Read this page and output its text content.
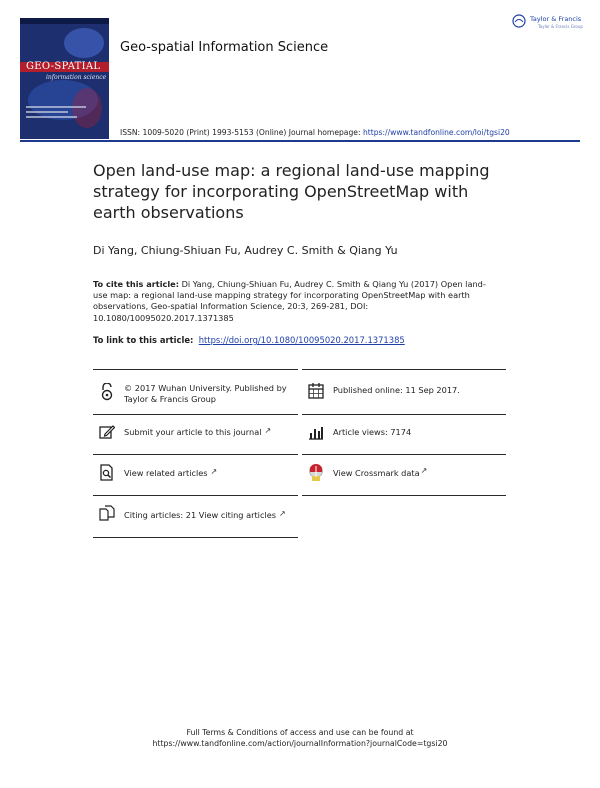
GEO-SPATIAL
information science
Geo-spatial Information Science
Taylor & Francis
Taylor & Francis Group
ISSN: 1009-5020 (Print) 1993-5153 (Online) Journal homepage: https://www.tandfonline.com/loi/tgsi20
Open land-use map: a regional land-use mapping strategy for incorporating OpenStreetMap with earth observations
Di Yang, Chiung-Shiuan Fu, Audrey C. Smith & Qiang Yu
To cite this article: Di Yang, Chiung-Shiuan Fu, Audrey C. Smith & Qiang Yu (2017) Open land-use map: a regional land-use mapping strategy for incorporating OpenStreetMap with earth observations, Geo-spatial Information Science, 20:3, 269-281, DOI: 10.1080/10095020.2017.1371385
To link to this article: https://doi.org/10.1080/10095020.2017.1371385
© 2017 Wuhan University. Published by Taylor & Francis Group
Published online: 11 Sep 2017.
Submit your article to this journal ↗	Article views: 7174
View related articles ↗	View Crossmark data ↗
Citing articles: 21 View citing articles ↗
Full Terms & Conditions of access and use can be found at
https://www.tandfonline.com/action/journalInformation?journalCode=tgsi20
